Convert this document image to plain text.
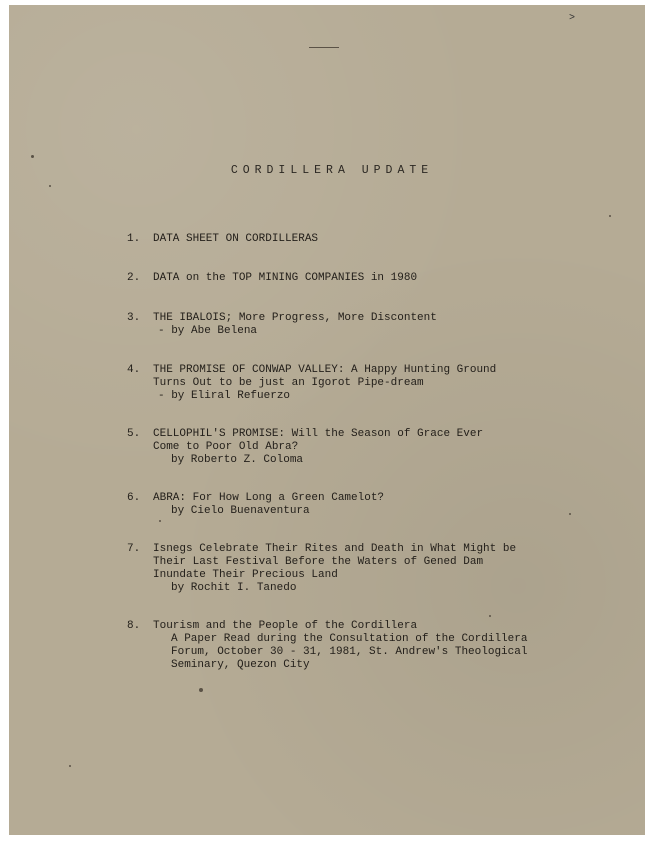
>
CORDILLERA UPDATE
1. DATA SHEET ON CORDILLERAS
2. DATA on the TOP MINING COMPANIES in 1980
3. THE IBALOIS; More Progress, More Discontent
- by Abe Belena
4. THE PROMISE OF CONWAP VALLEY: A Happy Hunting Ground
Turns Out to be just an Igorot Pipe-dream
- by Eliral Refuerzo
5. CELLOPHIL'S PROMISE: Will the Season of Grace Ever
Come to Poor Old Abra?
by Roberto Z. Coloma
6. ABRA: For How Long a Green Camelot?
by Cielo Buenaventura
7. Isnegs Celebrate Their Rites and Death in What Might be
Their Last Festival Before the Waters of Gened Dam
Inundate Their Precious Land
by Rochit I. Tanedo
8. Tourism and the People of the Cordillera
A Paper Read during the Consultation of the Cordillera
Forum, October 30 - 31, 1981, St. Andrew's Theological
Seminary, Quezon City
